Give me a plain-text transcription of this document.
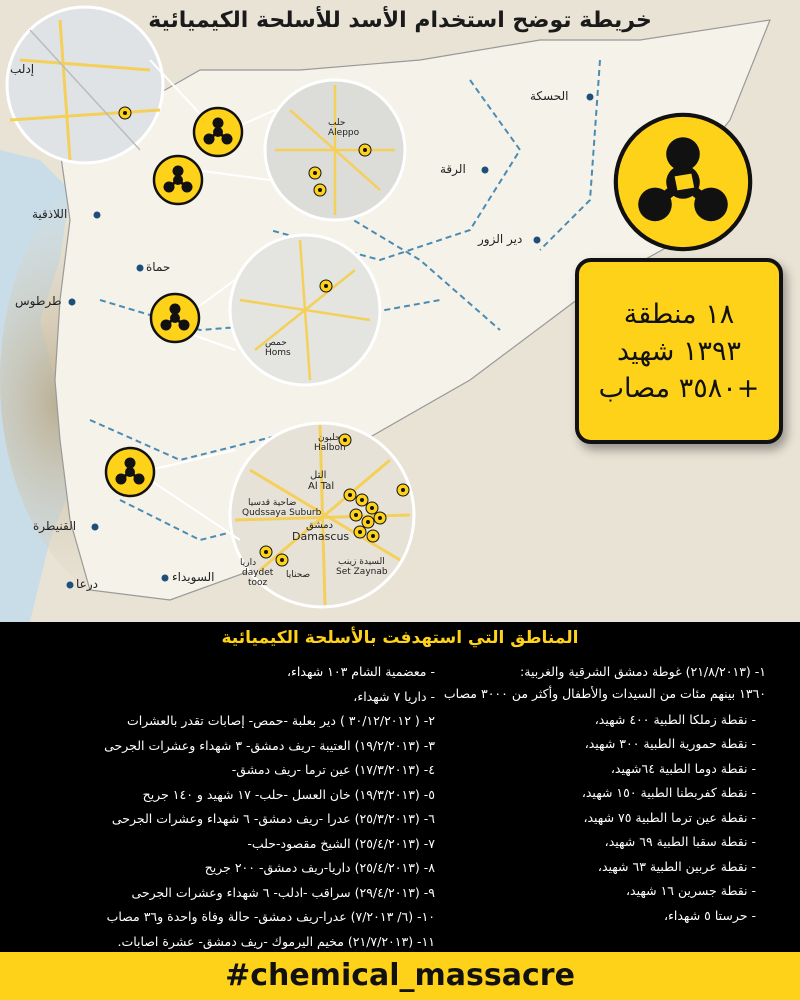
خريطة توضح استخدام الأسد للأسلحة الكيميائية
إدلب
الحسكة
الرقة
اللاذقية
دير الزور
حماة
طرطوس
القنيطرة
السويداء
درعا
حلب
Aleppo
حمص
Homs
حلبون
Halbon
التل
Al Tal
ضاحية قدسيا
Qudssaya Suburb
دمشق
Damascus
السيدة زينب
Set Zaynab
داريا
daydet صحنايا
tooz
١٨ منطقة
١٣٩٣ شهيد
+٣٥٨٠ مصاب
المناطق التي استهدفت بالأسلحة الكيميائية
١- (٢١/٨/٢٠١٣) غوطة دمشق الشرقية والغربية:
١٣٦٠ بينهم مئات من السيدات والأطفال وأكثر من ٣٠٠٠ مصاب
- نقطة زملكا الطبية ٤٠٠ شهيد،
- نقطة حمورية الطبية ٣٠٠ شهيد،
- نقطة دوما الطبية ٦٤شهيد،
- نقطة كفربطنا الطبية ١٥٠ شهيد،
- نقطة عين ترما الطبية ٧٥ شهيد،
- نقطة سقبا الطبية ٦٩ شهيد،
- نقطة عربين الطبية ٦٣ شهيد،
- نقطة جسرين ١٦ شهيد،
- حرستا ٥ شهداء،
- معضمية الشام ١٠٣ شهداء،
- داريا ٧ شهداء،
٢- ( ٣٠/١٢/٢٠١٢ ) دير بعلبة -حمص- إصابات تقدر بالعشرات
٣- (١٩/٢/٢٠١٣) العتيبة -ريف دمشق- ٣ شهداء وعشرات الجرحى
٤- (١٧/٣/٢٠١٣) عين ترما -ريف دمشق-
٥- (١٩/٣/٢٠١٣) خان العسل -حلب- ١٧ شهيد و ١٤٠ جريح
٦- (٢٥/٣/٢٠١٣) عدرا -ريف دمشق- ٦ شهداء وعشرات الجرحى
٧- (٢٥/٤/٢٠١٣) الشيخ مقصود-حلب-
٨- (٢٥/٤/٢٠١٣) داريا-ريف دمشق- ٢٠٠ جريح
٩- (٢٩/٤/٢٠١٣) سراقب -ادلب- ٦ شهداء وعشرات الجرحى
١٠- (٦/ ٧/٢٠١٣) عدرا-ريف دمشق- حالة وفاة واحدة و٣٦ مصاب
١١- (٢١/٧/٢٠١٣) مخيم اليرموك -ريف دمشق- عشرة اصابات.
#chemical_massacre
